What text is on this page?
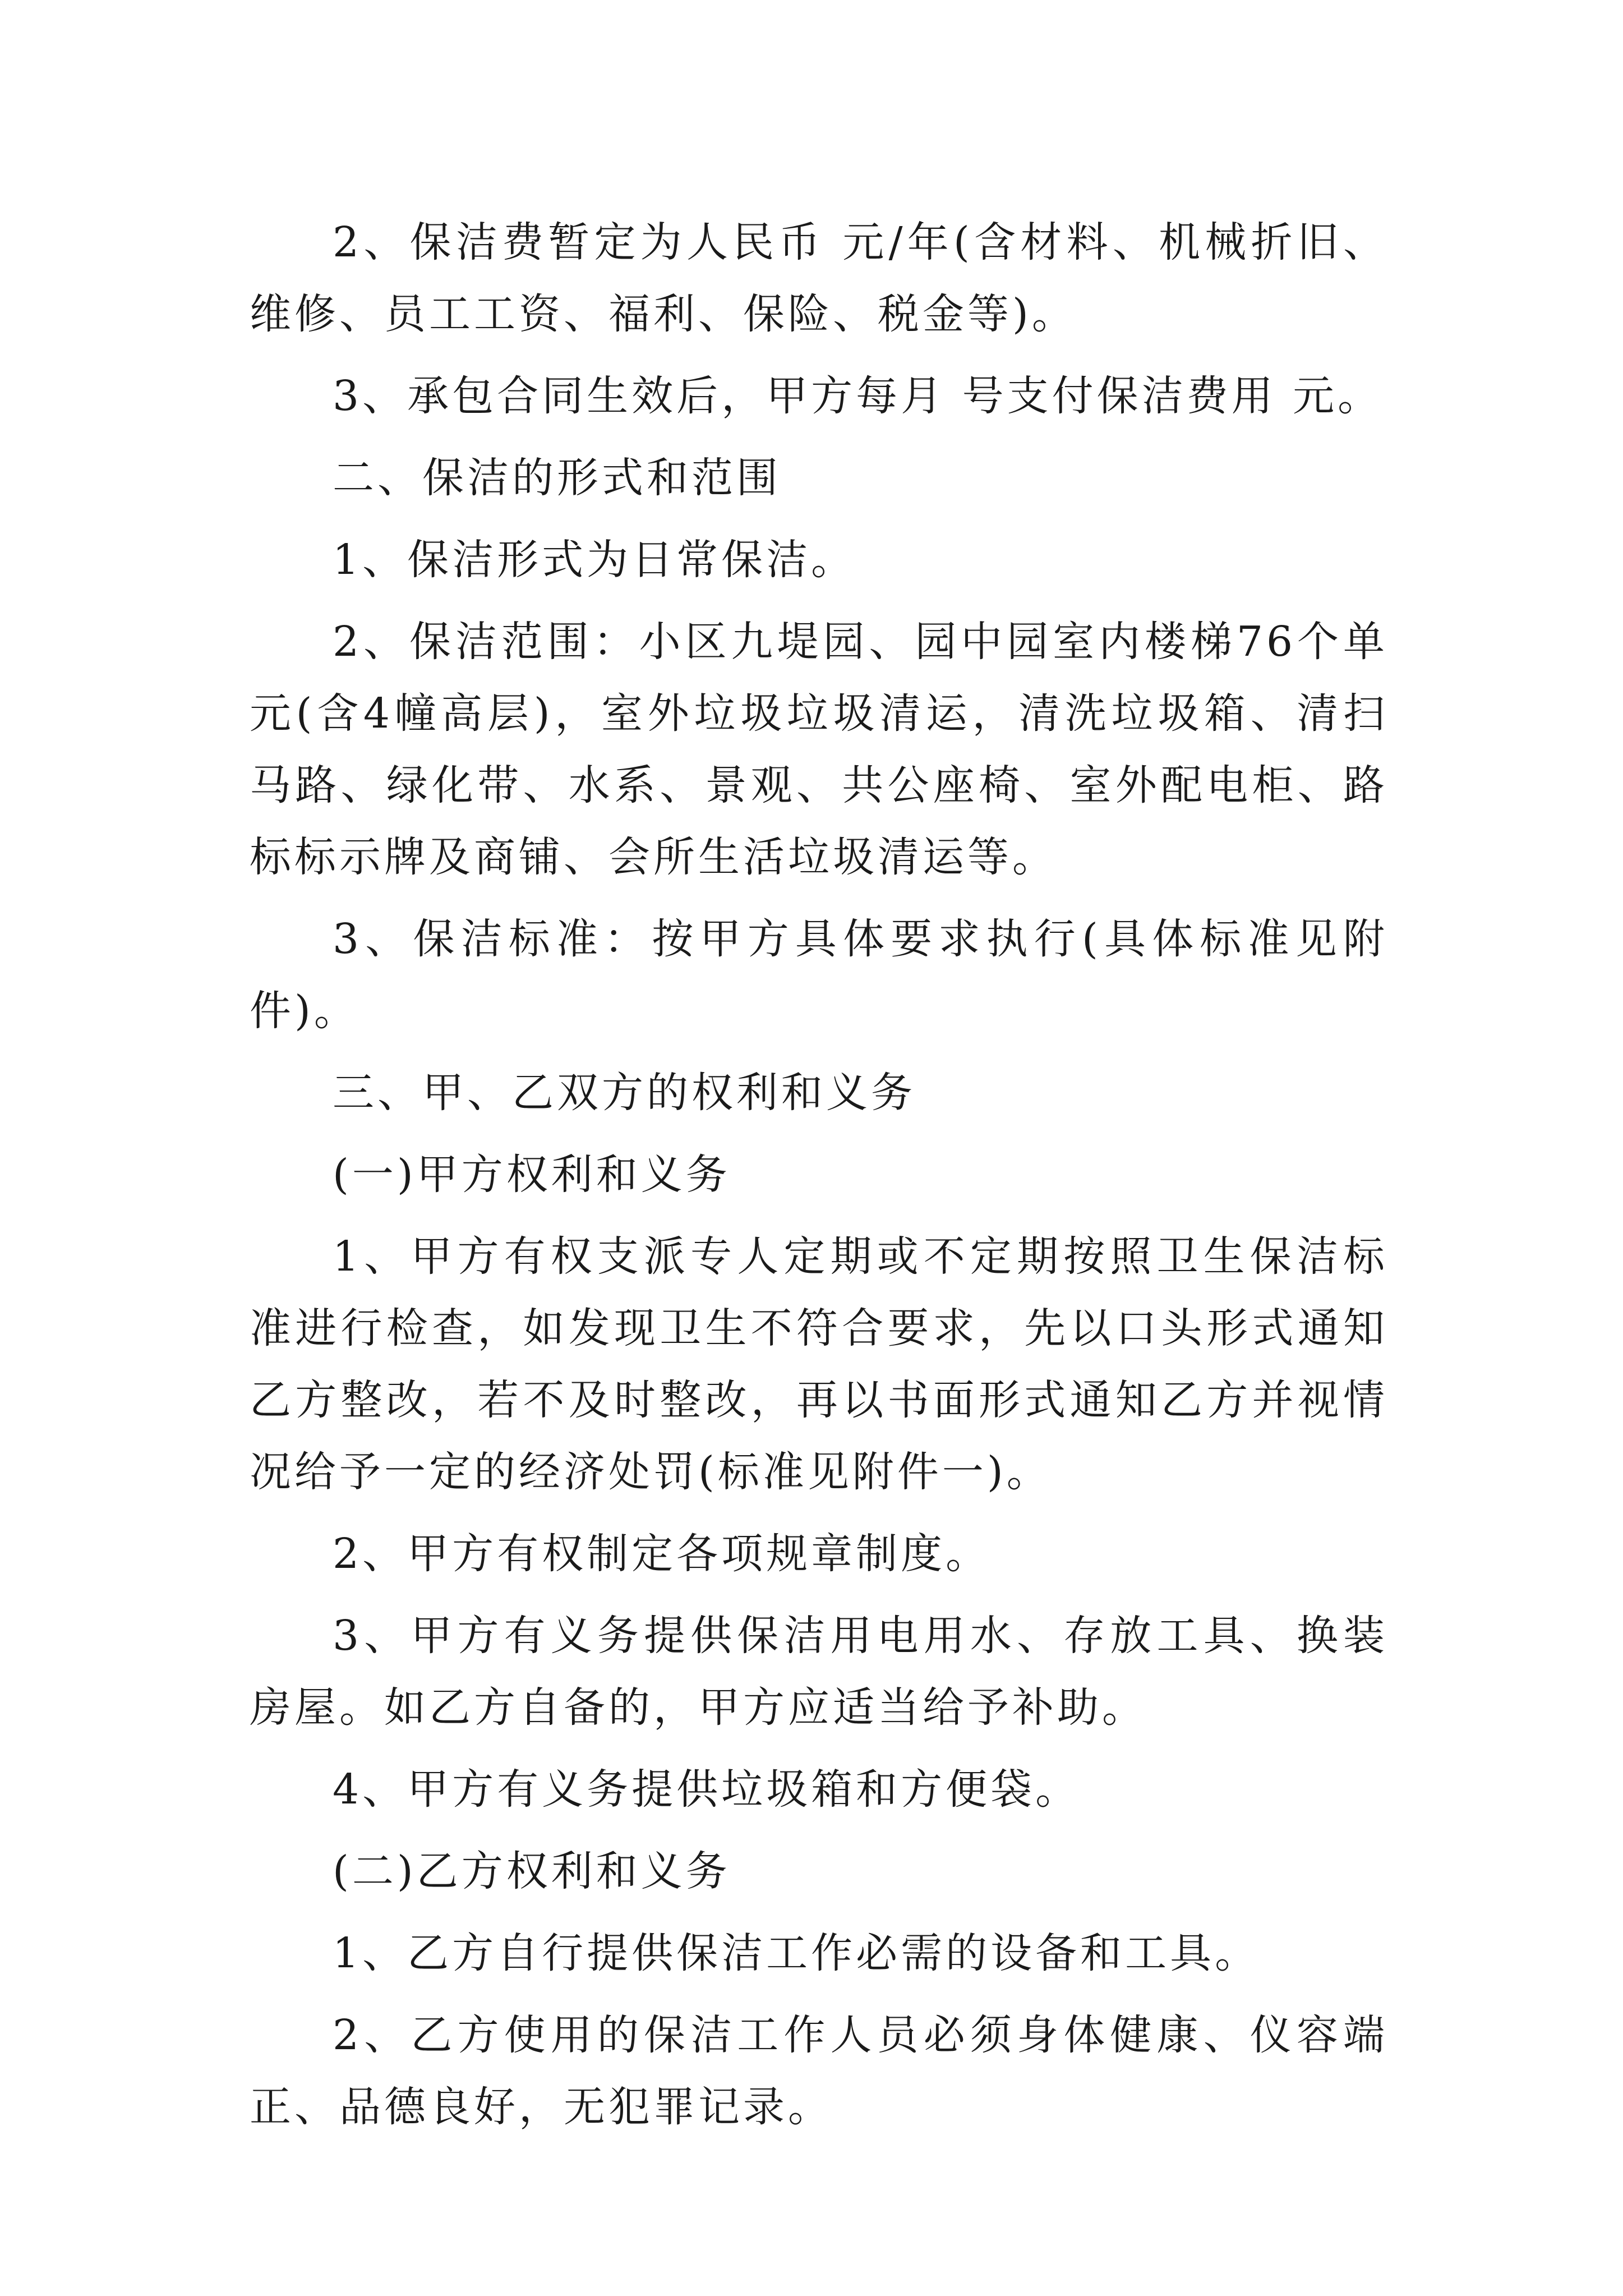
2、保洁费暂定为人民币 元/年(含材料、机械折旧、维修、员工工资、福利、保险、税金等)。

3、承包合同生效后，甲方每月 号支付保洁费用 元。

二、保洁的形式和范围

1、保洁形式为日常保洁。

2、保洁范围：小区九堤园、园中园室内楼梯76个单元(含4幢高层)，室外垃圾垃圾清运，清洗垃圾箱、清扫马路、绿化带、水系、景观、共公座椅、室外配电柜、路标标示牌及商铺、会所生活垃圾清运等。

3、保洁标准：按甲方具体要求执行(具体标准见附件)。

三、甲、乙双方的权利和义务

(一)甲方权利和义务

1、甲方有权支派专人定期或不定期按照卫生保洁标准进行检查，如发现卫生不符合要求，先以口头形式通知乙方整改，若不及时整改，再以书面形式通知乙方并视情况给予一定的经济处罚(标准见附件一)。

2、甲方有权制定各项规章制度。

3、甲方有义务提供保洁用电用水、存放工具、换装房屋。如乙方自备的，甲方应适当给予补助。

4、甲方有义务提供垃圾箱和方便袋。

(二)乙方权利和义务

1、乙方自行提供保洁工作必需的设备和工具。

2、乙方使用的保洁工作人员必须身体健康、仪容端正、品德良好，无犯罪记录。
